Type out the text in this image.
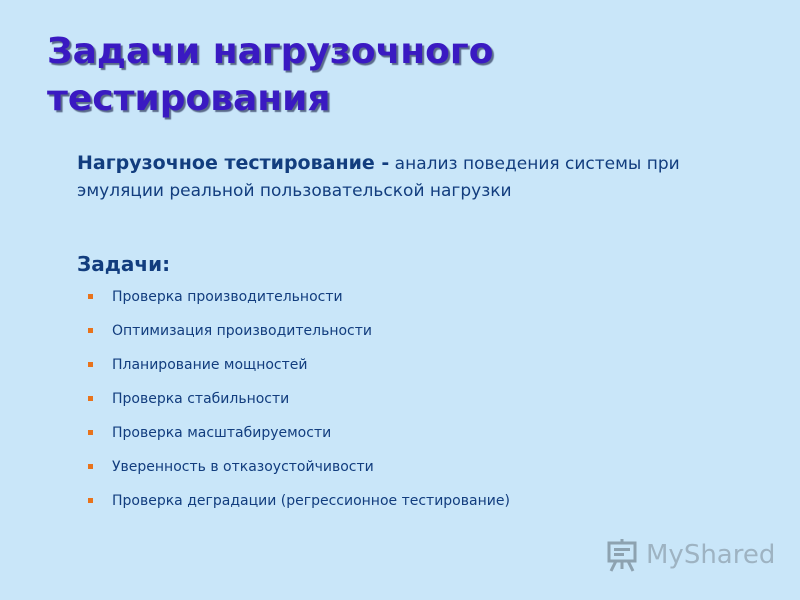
Задачи нагрузочного
тестирования
Нагрузочное тестирование - анализ поведения системы при эмуляции реальной пользовательской нагрузки
Задачи:
Проверка производительности
Оптимизация производительности
Планирование мощностей
Проверка стабильности
Проверка масштабируемости
Уверенность в отказоустойчивости
Проверка деградации (регрессионное тестирование)
MyShared
